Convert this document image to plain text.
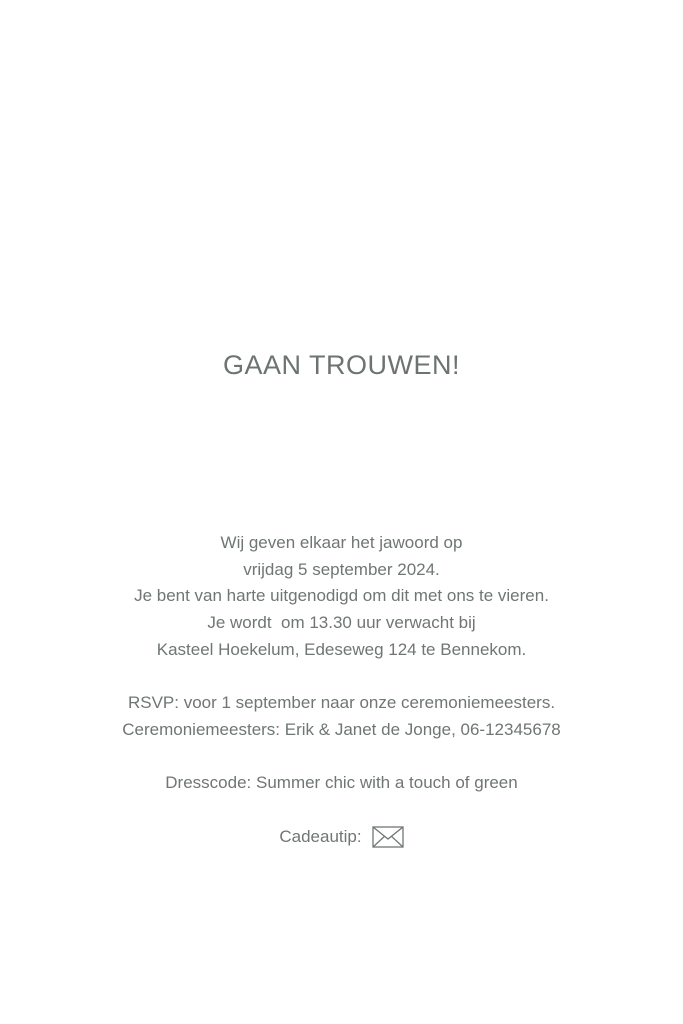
GAAN TROUWEN!
Wij geven elkaar het jawoord op
vrijdag 5 september 2024.
Je bent van harte uitgenodigd om dit met ons te vieren.
Je wordt  om 13.30 uur verwacht bij
Kasteel Hoekelum, Edeseweg 124 te Bennekom.
RSVP: voor 1 september naar onze ceremoniemeesters.
Ceremoniemeesters: Erik & Janet de Jonge, 06-12345678
Dresscode: Summer chic with a touch of green
Cadeautip:
